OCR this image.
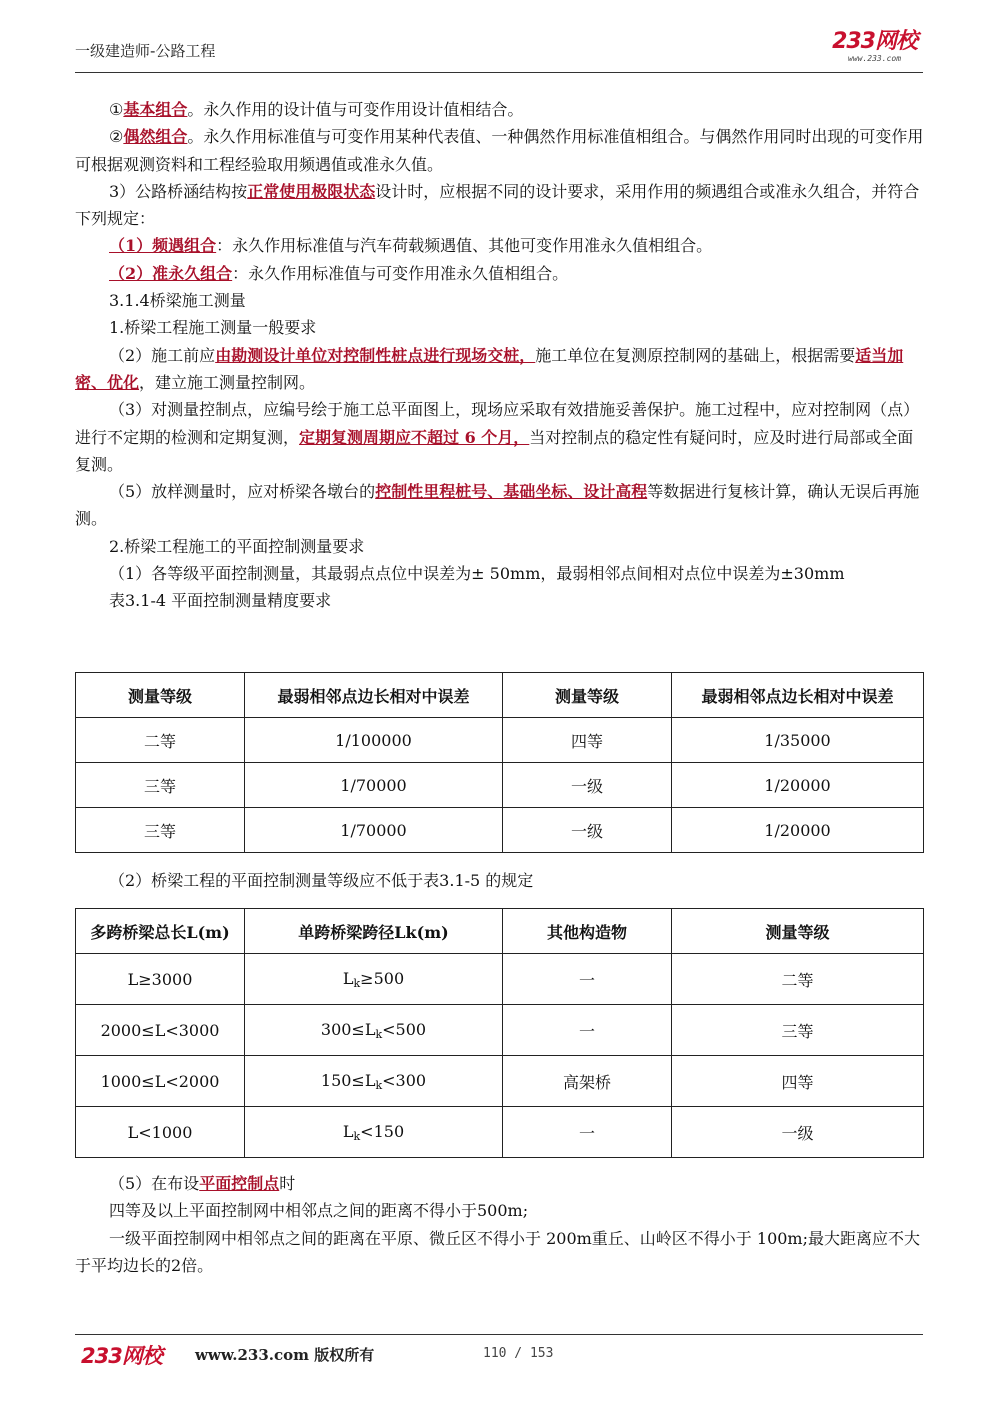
一级建造师-公路工程	233网校
www.233.com

①基本组合。永久作用的设计值与可变作用设计值相结合。

②偶然组合。永久作用标准值与可变作用某种代表值、一种偶然作用标准值相组合。与偶然作用同时出现的可变作用可根据观测资料和工程经验取用频遇值或准永久值。

3）公路桥涵结构按正常使用极限状态设计时，应根据不同的设计要求，采用作用的频遇组合或准永久组合，并符合下列规定：

（1）频遇组合：永久作用标准值与汽车荷载频遇值、其他可变作用准永久值相组合。

（2）准永久组合：永久作用标准值与可变作用准永久值相组合。

3.1.4桥梁施工测量

1.桥梁工程施工测量一般要求

（2）施工前应由勘测设计单位对控制性桩点进行现场交桩，施工单位在复测原控制网的基础上，根据需要适当加密、优化，建立施工测量控制网。

（3）对测量控制点，应编号绘于施工总平面图上，现场应采取有效措施妥善保护。施工过程中，应对控制网（点）进行不定期的检测和定期复测，定期复测周期应不超过 6 个月，当对控制点的稳定性有疑问时，应及时进行局部或全面复测。

（5）放样测量时，应对桥梁各墩台的控制性里程桩号、基础坐标、设计高程等数据进行复核计算，确认无误后再施测。

2.桥梁工程施工的平面控制测量要求

（1）各等级平面控制测量，其最弱点点位中误差为± 50mm，最弱相邻点间相对点位中误差为±30mm

表3.1-4 平面控制测量精度要求

测量等级	最弱相邻点边长相对中误差	测量等级	最弱相邻点边长相对中误差
二等	1/100000	四等	1/35000
三等	1/70000	一级	1/20000
三等	1/70000	一级	1/20000

（2）桥梁工程的平面控制测量等级应不低于表3.1-5 的规定

多跨桥梁总长L(m)	单跨桥梁跨径Lk(m)	其他构造物	测量等级
L≥3000	$L_k\ge 500$	一	二等
2000≤L<3000	$300\le L_k<500$	一	三等
1000≤L<2000	$150\le L_k<300$	高架桥	四等
L<1000	$L_k<150$	一	一级

（5）在布设平面控制点时

四等及以上平面控制网中相邻点之间的距离不得小于500m;

一级平面控制网中相邻点之间的距离在平原、微丘区不得小于 200m重丘、山岭区不得小于 100m;最大距离应不大于平均边长的2倍。

233网校 www.233.com 版权所有	110 / 153
